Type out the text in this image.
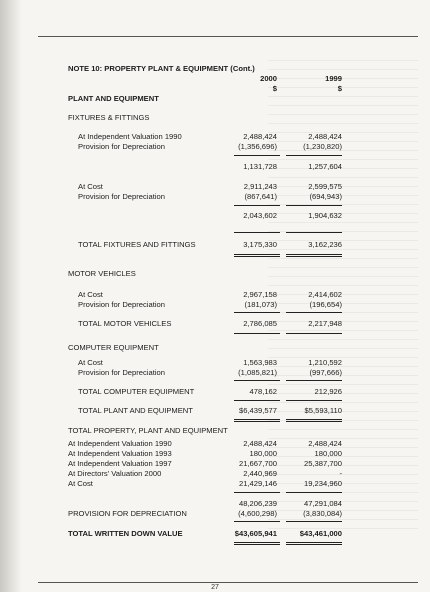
NOTE 10: PROPERTY PLANT & EQUIPMENT (Cont.)
2000	1999
$	$
PLANT AND EQUIPMENT
FIXTURES & FITTINGS
At Independent Valuation 1990	2,488,424	2,488,424
Provision for Depreciation	(1,356,696)	(1,230,820)
1,131,728	1,257,604
At Cost	2,911,243	2,599,575
Provision for Depreciation	(867,641)	(694,943)
2,043,602	1,904,632
TOTAL FIXTURES AND FITTINGS	3,175,330	3,162,236
MOTOR VEHICLES
At Cost	2,967,158	2,414,602
Provision for Depreciation	(181,073)	(196,654)
TOTAL MOTOR VEHICLES	2,786,085	2,217,948
COMPUTER EQUIPMENT
At Cost	1,563,983	1,210,592
Provision for Depreciation	(1,085,821)	(997,666)
TOTAL COMPUTER EQUIPMENT	478,162	212,926
TOTAL PLANT AND EQUIPMENT	$6,439,577	$5,593,110
TOTAL PROPERTY, PLANT AND EQUIPMENT
At Independent Valuation 1990	2,488,424	2,488,424
At Independent Valuation 1993	180,000	180,000
At Independent Valuation 1997	21,667,700	25,387,700
At Directors' Valuation 2000	2,440,969	-
At Cost	21,429,146	19,234,960
48,206,239	47,291,084
PROVISION FOR DEPRECIATION	(4,600,298)	(3,830,084)
TOTAL WRITTEN DOWN VALUE	$43,605,941	$43,461,000
27
